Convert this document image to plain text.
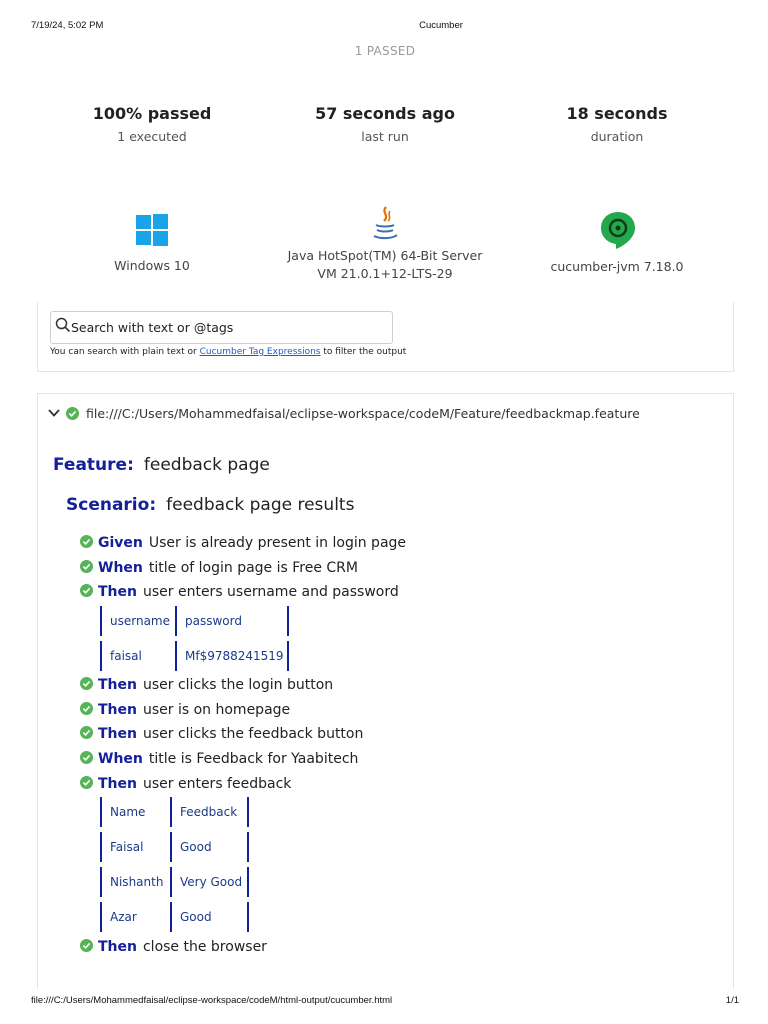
7/19/24, 5:02 PM	Cucumber
file:///C:/Users/Mohammedfaisal/eclipse-workspace/codeM/html-output/cucumber.html	1/1
1 PASSED
100% passed
1 executed
57 seconds ago
last run
18 seconds
duration
Windows 10
Java HotSpot(TM) 64-Bit Server
VM 21.0.1+12-LTS-29	cucumber-jvm 7.18.0
Search with text or @tags
You can search with plain text or Cucumber Tag Expressions to filter the output
file:///C:/Users/Mohammedfaisal/eclipse-workspace/codeM/Feature/feedbackmap.feature
Feature: feedback page
Scenario: feedback page results
Given User is already present in login page
When title of login page is Free CRM
Then user enters username and password
username	password
faisal	Mf$9788241519
Then user clicks the login button
Then user is on homepage
Then user clicks the feedback button
When title is Feedback for Yaabitech
Then user enters feedback
Name	Feedback
Faisal	Good
Nishanth	Very Good
Azar	Good
Then close the browser
